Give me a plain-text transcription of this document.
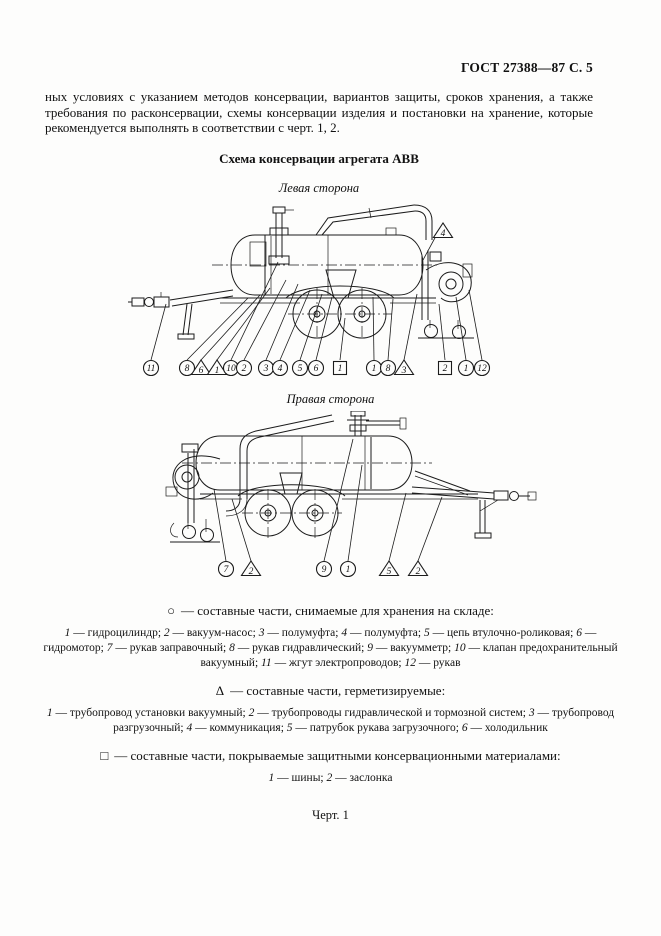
ГОСТ 27388—87 С. 5

ных условиях с указанием методов консервации, вариантов защиты, сроков хранения, а также требования по расконсервации, схемы консервации изделия и постановки на хранение, которые рекомендуется выполнять в соответствии с черт. 1, 2.

Схема консервации агрегата АВВ
Левая сторона
11	8 6 1 10 2 3 4 5 6 1	1 8 3	2 1 12
4
Правая сторона
7 2	9 1	5	2
○ — составные части, снимаемые для хранения на складе:
1 — гидроцилиндр; 2 — вакуум-насос; 3 — полумуфта; 4 — полумуфта; 5 — цепь втулочно-роликовая; 6 — гидромотор; 7 — рукав заправочный; 8 — рукав гидравлический; 9 — вакуумметр; 10 — клапан предохранительный вакуумный; 11 — жгут электропроводов; 12 — рукав
Δ — составные части, герметизируемые:
1 — трубопровод установки вакуумный; 2 — трубопроводы гидравлической и тормозной систем; 3 — трубопровод разгрузочный; 4 — коммуникация; 5 — патрубок рукава загрузочного; 6 — холодильник
□ — составные части, покрываемые защитными консервационными материалами:
1 — шины; 2 — заслонка
Черт. 1
